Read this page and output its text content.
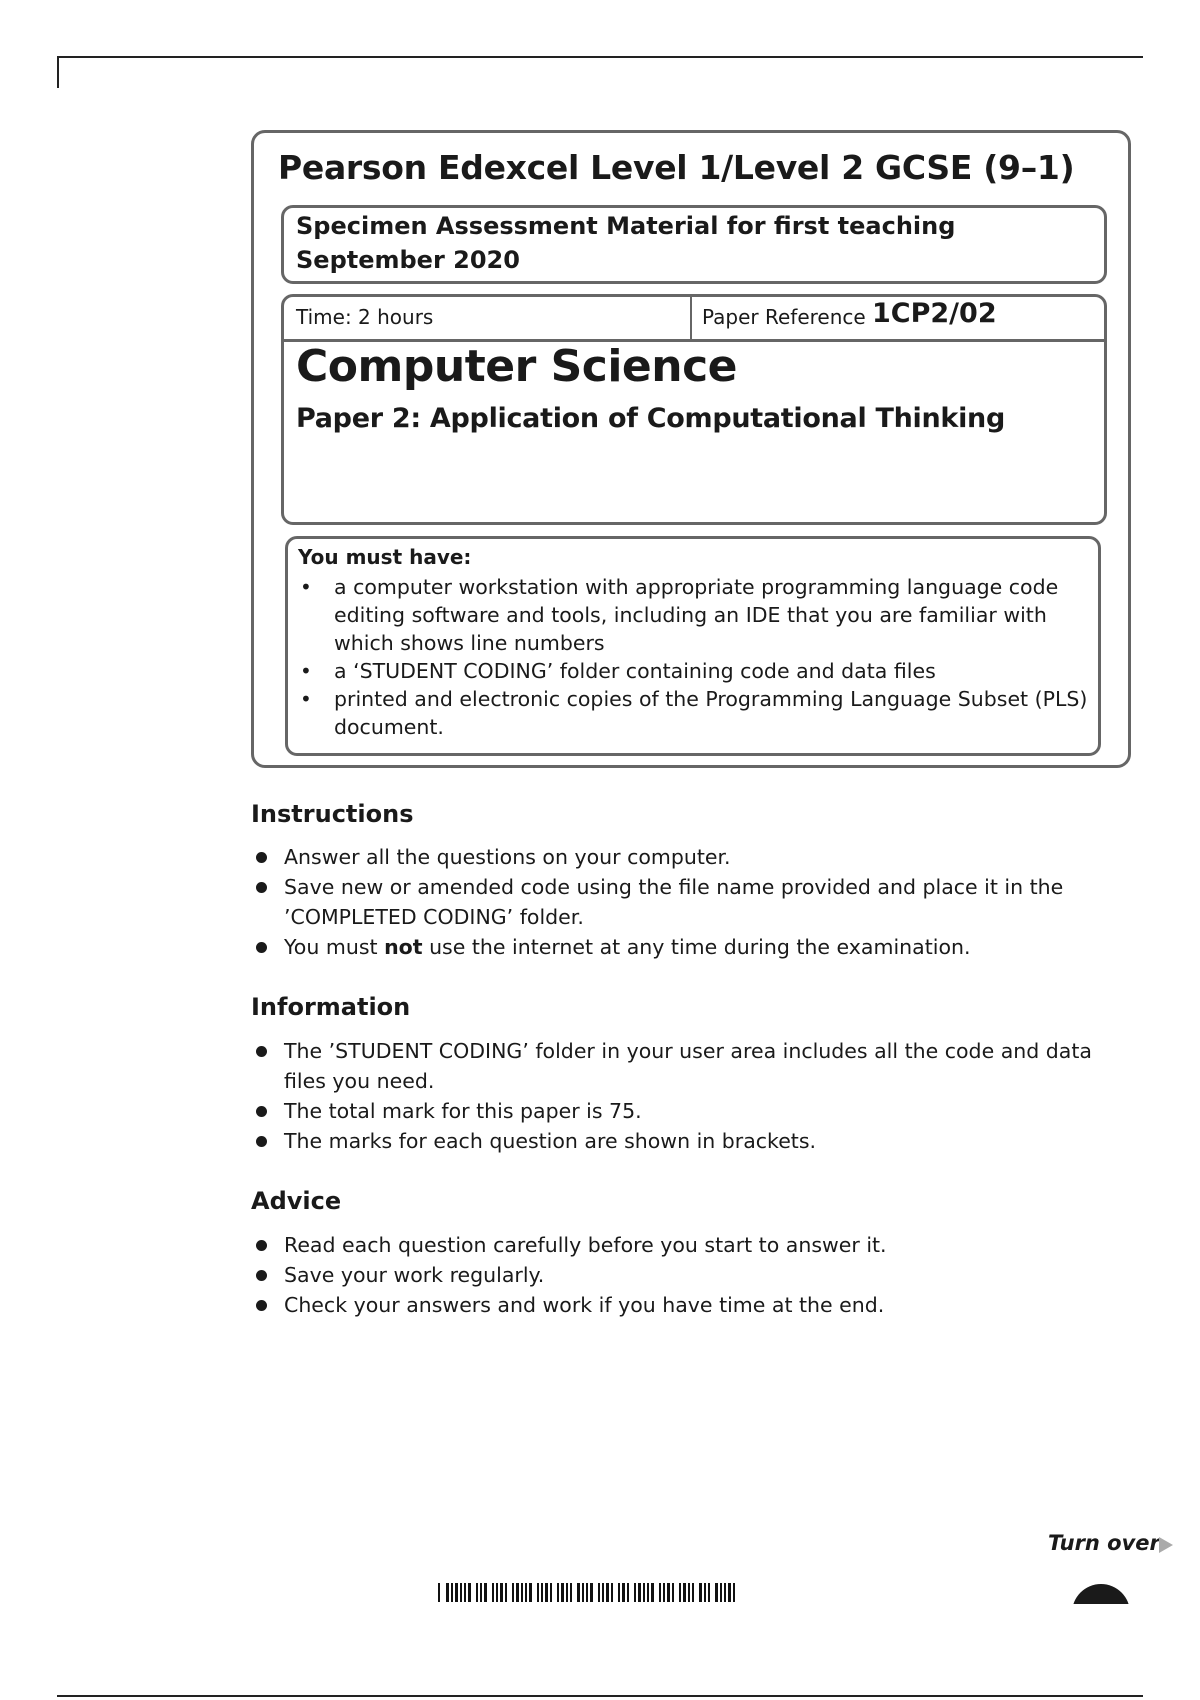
Pearson Edexcel Level 1/Level 2 GCSE (9–1)
Specimen Assessment Material for first teaching September 2020
Time: 2 hours	Paper Reference 1CP2/02
Computer Science
Paper 2: Application of Computational Thinking
You must have:
• a computer workstation with appropriate programming language code editing software and tools, including an IDE that you are familiar with which shows line numbers
• a ‘STUDENT CODING’ folder containing code and data files
• printed and electronic copies of the Programming Language Subset (PLS) document.
Instructions
Answer all the questions on your computer.
Save new or amended code using the file name provided and place it in the ’COMPLETED CODING’ folder.
You must not use the internet at any time during the examination.
Information
The ’STUDENT CODING’ folder in your user area includes all the code and data files you need.
The total mark for this paper is 75.
The marks for each question are shown in brackets.
Advice
Read each question carefully before you start to answer it.
Save your work regularly.
Check your answers and work if you have time at the end.
Turn over
